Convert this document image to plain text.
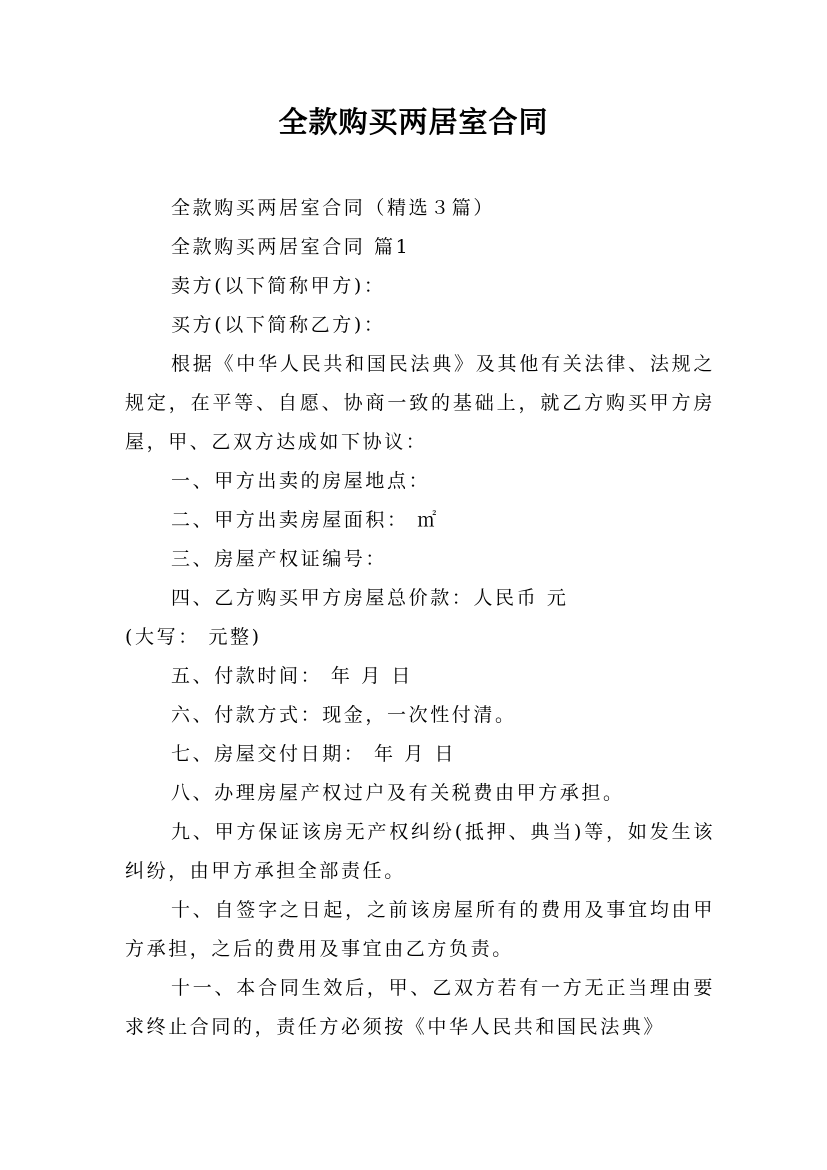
全款购买两居室合同

全款购买两居室合同（精选３篇）

全款购买两居室合同 篇1

卖方(以下简称甲方)：

买方(以下简称乙方)：

根据《中华人民共和国民法典》及其他有关法律、法规之规定，在平等、自愿、协商一致的基础上，就乙方购买甲方房屋，甲、乙双方达成如下协议：

一、甲方出卖的房屋地点：

二、甲方出卖房屋面积： ㎡

三、房屋产权证编号：

四、乙方购买甲方房屋总价款：人民币 元

(大写： 元整)

五、付款时间： 年 月 日

六、付款方式：现金，一次性付清。

七、房屋交付日期： 年 月 日

八、办理房屋产权过户及有关税费由甲方承担。

九、甲方保证该房无产权纠纷(抵押、典当)等，如发生该纠纷，由甲方承担全部责任。

十、自签字之日起，之前该房屋所有的费用及事宜均由甲方承担，之后的费用及事宜由乙方负责。

十一、本合同生效后，甲、乙双方若有一方无正当理由要求终止合同的，责任方必须按《中华人民共和国民法典》
